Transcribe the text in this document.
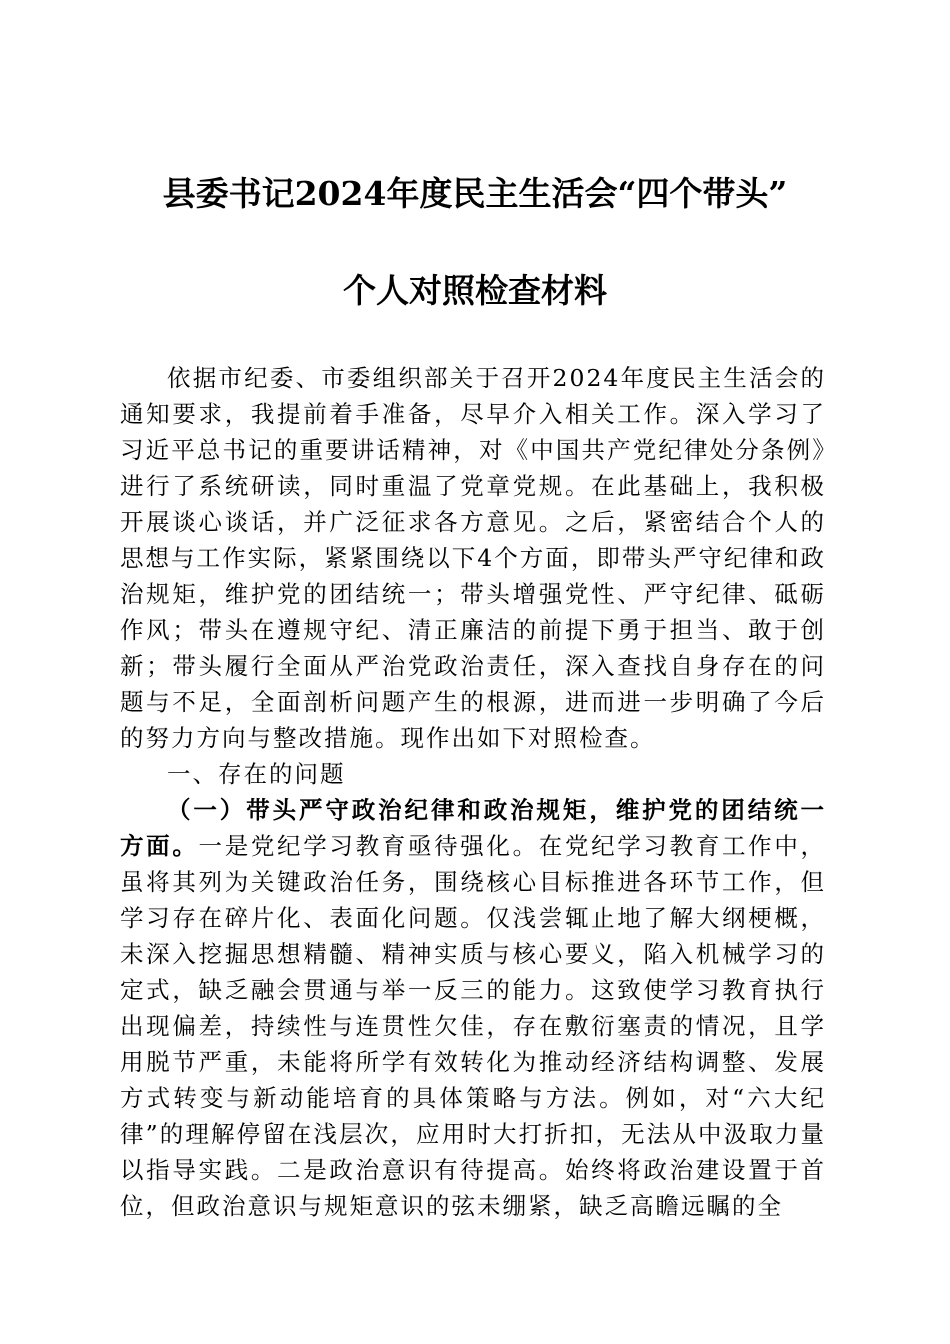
县委书记2024年度民主生活会“四个带头”
个人对照检查材料

依据市纪委、市委组织部关于召开2024年度民主生活会的通知要求，我提前着手准备，尽早介入相关工作。深入学习了习近平总书记的重要讲话精神，对《中国共产党纪律处分条例》进行了系统研读，同时重温了党章党规。在此基础上，我积极开展谈心谈话，并广泛征求各方意见。之后，紧密结合个人的思想与工作实际，紧紧围绕以下4个方面，即带头严守纪律和政治规矩，维护党的团结统一；带头增强党性、严守纪律、砥砺作风；带头在遵规守纪、清正廉洁的前提下勇于担当、敢于创新；带头履行全面从严治党政治责任，深入查找自身存在的问题与不足，全面剖析问题产生的根源，进而进一步明确了今后的努力方向与整改措施。现作出如下对照检查。

一、存在的问题

（一）带头严守政治纪律和政治规矩，维护党的团结统一方面。一是党纪学习教育亟待强化。在党纪学习教育工作中，虽将其列为关键政治任务，围绕核心目标推进各环节工作，但学习存在碎片化、表面化问题。仅浅尝辄止地了解大纲梗概，未深入挖掘思想精髓、精神实质与核心要义，陷入机械学习的定式，缺乏融会贯通与举一反三的能力。这致使学习教育执行出现偏差，持续性与连贯性欠佳，存在敷衍塞责的情况，且学用脱节严重，未能将所学有效转化为推动经济结构调整、发展方式转变与新动能培育的具体策略与方法。例如，对“六大纪律”的理解停留在浅层次，应用时大打折扣，无法从中汲取力量以指导实践。二是政治意识有待提高。始终将政治建设置于首位，但政治意识与规矩意识的弦未绷紧，缺乏高瞻远瞩的全
